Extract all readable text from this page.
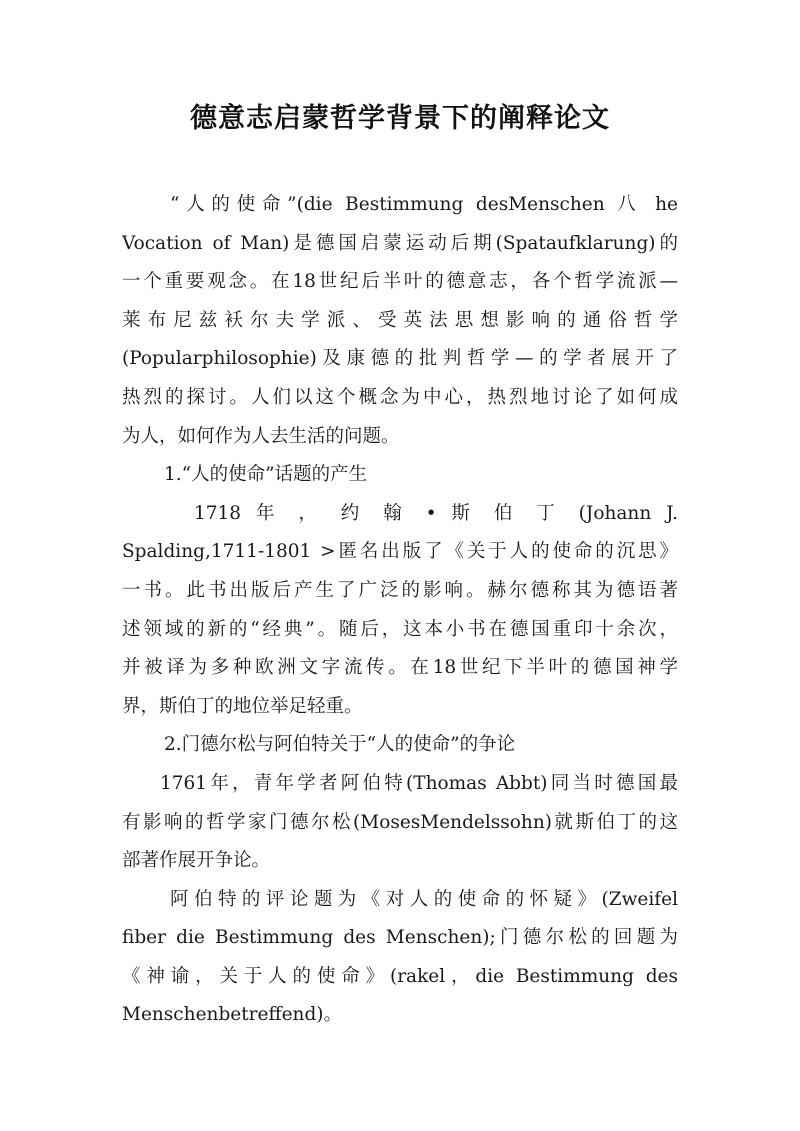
德意志启蒙哲学背景下的阐释论文
“人的使命”(die Bestimmung desMenschen 八 he
Vocation of Man)是德国启蒙运动后期(Spataufklarung)的
一个重要观念。在18世纪后半叶的德意志，各个哲学流派—
莱布尼兹袄尔夫学派、受英法思想影响的通俗哲学
(Popularphilosophie)及康德的批判哲学—的学者展开了
热烈的探讨。人们以这个概念为中心，热烈地讨论了如何成
为人，如何作为人去生活的问题。
1.“人的使命”话题的产生
1718 年 ， 约 翰 • 斯 伯 丁 (Johann J.
Spalding,1711-1801 >匿名出版了《关于人的使命的沉思》
一书。此书出版后产生了广泛的影响。赫尔德称其为德语著
述领域的新的“经典”。随后，这本小书在德国重印十余次，
并被译为多种欧洲文字流传。在18世纪下半叶的德国神学
界，斯伯丁的地位举足轻重。
2.门德尔松与阿伯特关于“人的使命”的争论
1761年，青年学者阿伯特(Thomas Abbt)同当时德国最
有影响的哲学家门德尔松(MosesMendelssohn)就斯伯丁的这
部著作展开争论。
阿伯特的评论题为《对人的使命的怀疑》(Zweifel
fiber die Bestimmung des Menschen);门德尔松的回题为
《神谕，关于人的使命》(rakel，die Bestimmung des
Menschenbetreffend)。
